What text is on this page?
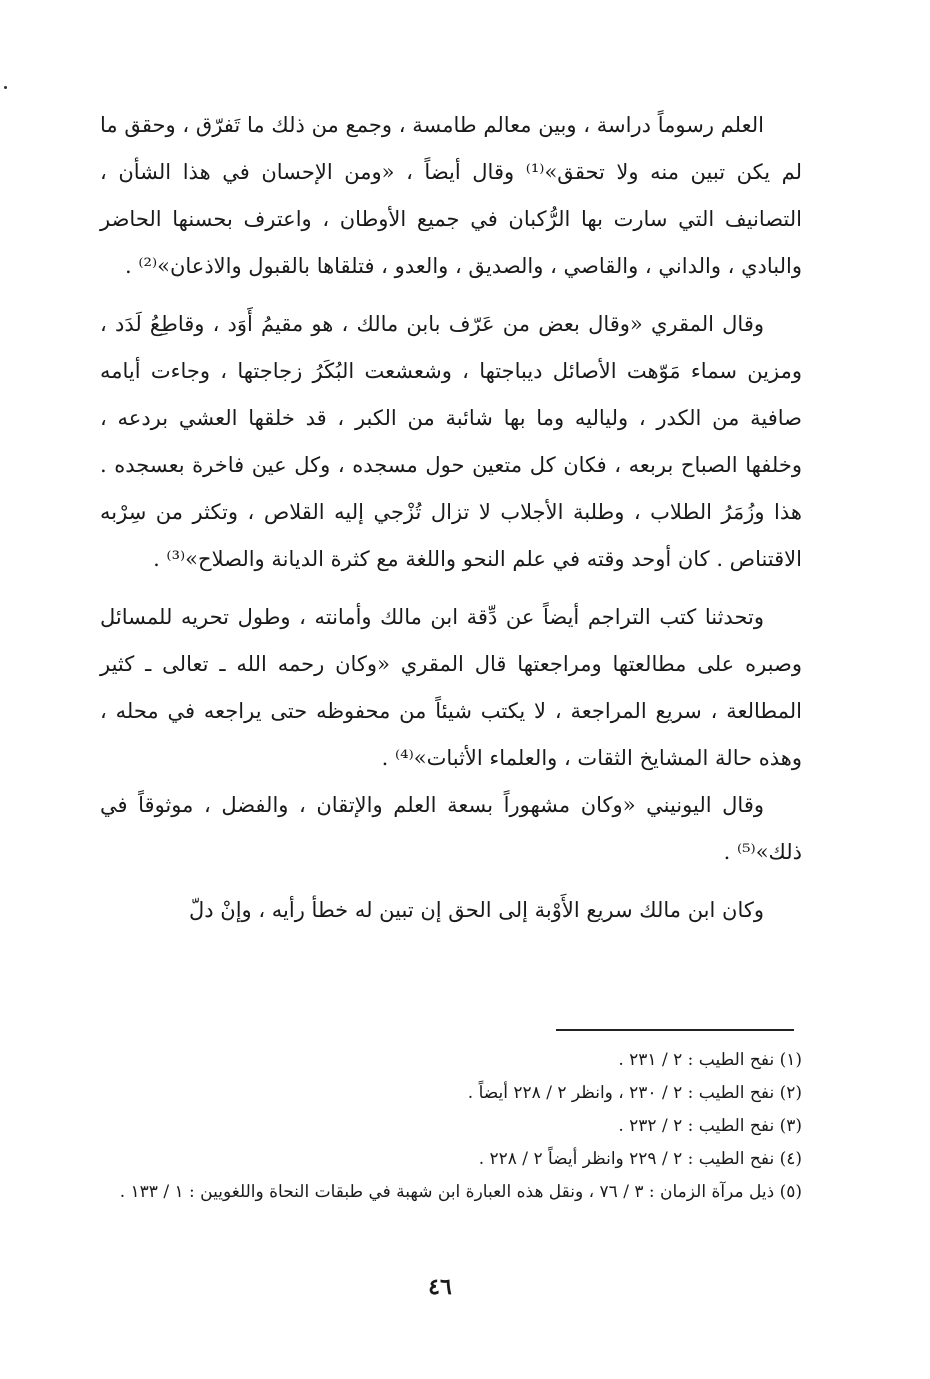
العلم رسوماً دراسة ، وبين معالم طامسة ، وجمع من ذلك ما تَفرّق ، وحقق ما لم يكن تبين منه ولا تحقق»⁽¹⁾ وقال أيضاً ، «ومن الإحسان في هذا الشأن ، التصانيف التي سارت بها الرُّكبان في جميع الأوطان ، واعترف بحسنها الحاضر والبادي ، والداني ، والقاصي ، والصديق ، والعدو ، فتلقاها بالقبول والاذعان»⁽²⁾ .

وقال المقري «وقال بعض من عَرّف بابن مالك ، هو مقيمُ أَوَد ، وقاطِعُ لَدَد ، ومزين سماء مَوّهت الأصائل ديباجتها ، وشعشعت البُكَرُ زجاجتها ، وجاءت أيامه صافية من الكدر ، ولياليه وما بها شائبة من الكبر ، قد خلقها العشي بردعه ، وخلفها الصباح بربعه ، فكان كل متعين حول مسجده ، وكل عين فاخرة بعسجده . هذا وزُمَرُ الطلاب ، وطلبة الأجلاب لا تزال تُزْجي إليه القلاص ، وتكثر من سِرْبه الاقتناص . كان أوحد وقته في علم النحو واللغة مع كثرة الديانة والصلاح»⁽³⁾ .

وتحدثنا كتب التراجم أيضاً عن دِّقة ابن مالك وأمانته ، وطول تحريه للمسائل وصبره على مطالعتها ومراجعتها قال المقري «وكان رحمه الله ـ تعالى ـ كثير المطالعة ، سريع المراجعة ، لا يكتب شيئاً من محفوظه حتى يراجعه في محله ، وهذه حالة المشايخ الثقات ، والعلماء الأثبات»⁽⁴⁾ .

وقال اليونيني «وكان مشهوراً بسعة العلم والإتقان ، والفضل ، موثوقاً في ذلك»⁽⁵⁾ .

وكان ابن مالك سريع الأَوْبة إلى الحق إن تبين له خطأ رأيه ، وإنْ دلّ

(١) نفح الطيب : ٢ / ٢٣١ .

(٢) نفح الطيب : ٢ / ٢٣٠ ، وانظر ٢ / ٢٢٨ أيضاً .

(٣) نفح الطيب : ٢ / ٢٣٢ .

(٤) نفح الطيب : ٢ / ٢٢٩ وانظر أيضاً ٢ / ٢٢٨ .

(٥) ذيل مرآة الزمان : ٣ / ٧٦ ، ونقل هذه العبارة ابن شهبة في طبقات النحاة واللغويين : ١ / ١٣٣ .

٤٦
